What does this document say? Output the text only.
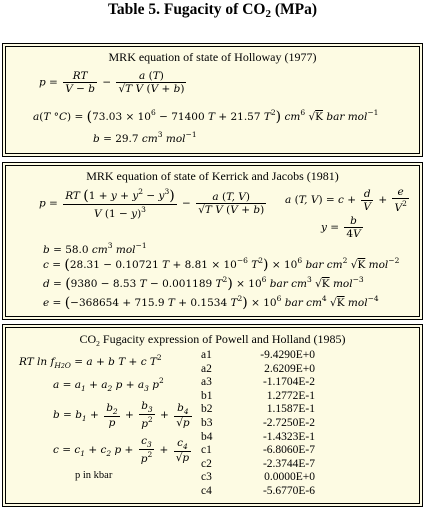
Table 5. Fugacity of $CO_2$ (MPa)
MRK equation of state of Holloway (1977)
$p = \frac{RT}{V - b} - \frac{a (T)}{\text{√T V (V + b)}}$
a(T $^\circ C) = (73.03 \times 10^6 - 71400$ T + 21.57 $T^2$) $cm^6$ √K bar mol$^{-1}$
b = 29.7 $cm^3$ mol$^{-1}$
MRK equation of state of Kerrick and Jacobs (1981)
$p = \frac{RT (1 + y + y^2 - y^3)}{V (1 - y)^3} - \frac{a (T, V)}{\text{√T V (V + b)}}$ a (T, $V) = c + \frac{d}{V} + \frac{e}{V^2}$
$y = \frac{b}{4V}$
b = 58.0 $cm^3$ mol$^{-1}$
c = (28.31 − 0.10721 $T + 8.81 \times 10^{-6}$ $T^2) \times 10^6$ bar $cm^2$ √K mol$^{-2}$
d = (9380 − 8.53 T − 0.001189 $T^2) \times 10^6$ bar $cm^3$ √K mol$^{-3}$
e = (−368654 + 715.9 T + 0.1534 $T^2) \times 10^6$ bar $cm^4$ √K mol$^{-4}$
$CO_2$ Fugacity expression of Powell and Holland (1985)
RT $\ln f_{H2O} = a + b$ T + c $T^2$
$a = a_1 + a_2$ $p + a_3$ $p^2$
$b = b_1 + \frac{b_2}{p} + \frac{b_3}{p^2} + \frac{b_4}{√p}$
$c = c_1 + c_2$ $p + \frac{c_3}{p^2} + \frac{c_4}{√p}$
p in kbar
a1	-9.4290E+0
a2	2.6209E+0
a3	-1.1704E-2
b1	1.2772E-1
b2	1.1587E-1
b3	-2.7250E-2
b4	-1.4323E-1
c1	-6.8060E-7
c2	-2.3744E-7
c3	0.0000E+0
c4	-5.6770E-6
